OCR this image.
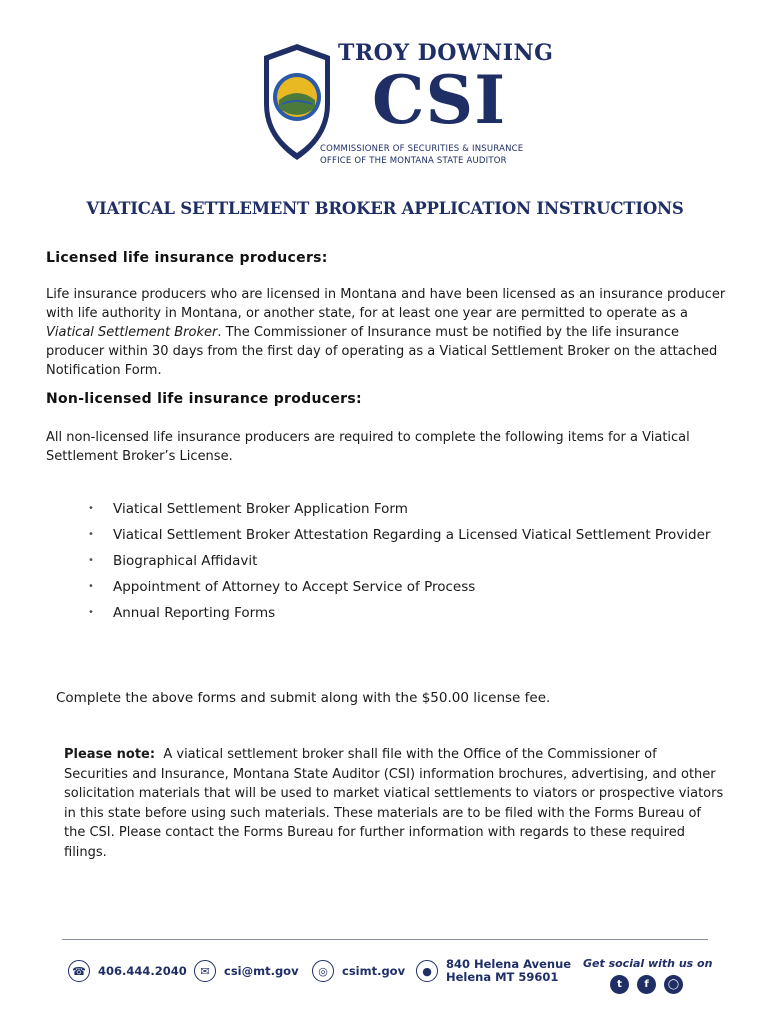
TROY DOWNING
CSI
COMMISSIONER OF SECURITIES & INSURANCE
OFFICE OF THE MONTANA STATE AUDITOR
VIATICAL SETTLEMENT BROKER APPLICATION INSTRUCTIONS
Licensed life insurance producers:

Life insurance producers who are licensed in Montana and have been licensed as an insurance producer with life authority in Montana, or another state, for at least one year are permitted to operate as a Viatical Settlement Broker. The Commissioner of Insurance must be notified by the life insurance producer within 30 days from the first day of operating as a Viatical Settlement Broker on the attached Notification Form.

Non-licensed life insurance producers:

All non-licensed life insurance producers are required to complete the following items for a Viatical Settlement Broker’s License.

• Viatical Settlement Broker Application Form
• Viatical Settlement Broker Attestation Regarding a Licensed Viatical Settlement Provider
• Biographical Affidavit
• Appointment of Attorney to Accept Service of Process
• Annual Reporting Forms
Complete the above forms and submit along with the $50.00 license fee.

Please note: A viatical settlement broker shall file with the Office of the Commissioner of Securities and Insurance, Montana State Auditor (CSI) information brochures, advertising, and other solicitation materials that will be used to market viatical settlements to viators or prospective viators in this state before using such materials. These materials are to be filed with the Forms Bureau of the CSI. Please contact the Forms Bureau for further information with regards to these required filings.

☎	406.444.2040	✉	csi@mt.gov	◎	csimt.gov	●	840 Helena Avenue
Helena MT 59601
Get social with us on
t	f	◯
